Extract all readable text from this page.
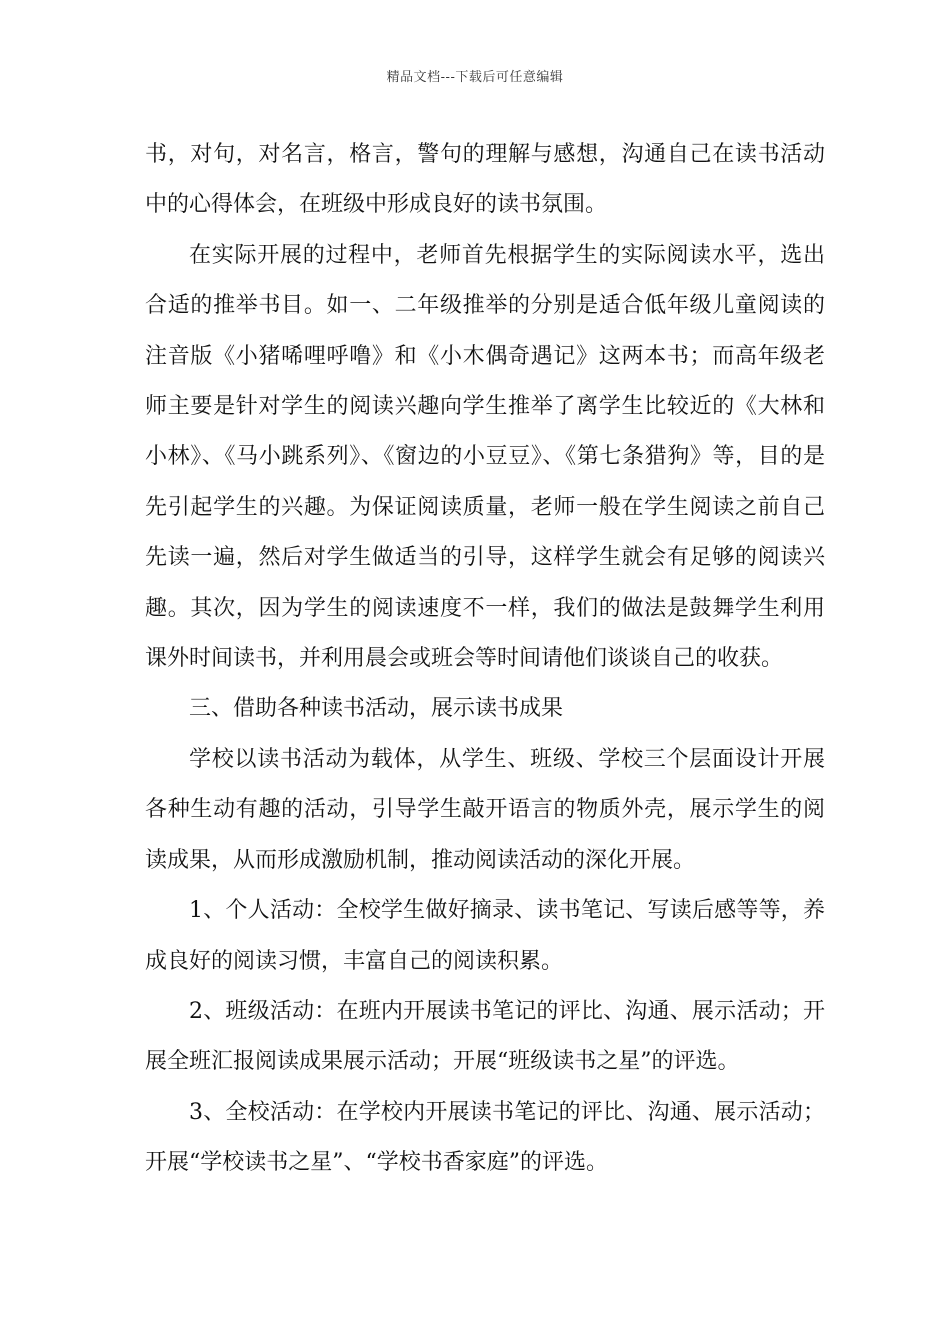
精品文档---下载后可任意编辑

书，对句，对名言，格言，警句的理解与感想，沟通自己在读书活动中的心得体会，在班级中形成良好的读书氛围。

在实际开展的过程中，老师首先根据学生的实际阅读水平，选出合适的推举书目。如一、二年级推举的分别是适合低年级儿童阅读的注音版《小猪唏哩呼噜》和《小木偶奇遇记》这两本书；而高年级老师主要是针对学生的阅读兴趣向学生推举了离学生比较近的《大林和小林》、《马小跳系列》、《窗边的小豆豆》、《第七条猎狗》等，目的是先引起学生的兴趣。为保证阅读质量，老师一般在学生阅读之前自己先读一遍，然后对学生做适当的引导，这样学生就会有足够的阅读兴趣。其次，因为学生的阅读速度不一样，我们的做法是鼓舞学生利用课外时间读书，并利用晨会或班会等时间请他们谈谈自己的收获。

三、借助各种读书活动，展示读书成果

学校以读书活动为载体，从学生、班级、学校三个层面设计开展各种生动有趣的活动，引导学生敲开语言的物质外壳，展示学生的阅读成果，从而形成激励机制，推动阅读活动的深化开展。

1、个人活动：全校学生做好摘录、读书笔记、写读后感等等，养成良好的阅读习惯，丰富自己的阅读积累。

2、班级活动：在班内开展读书笔记的评比、沟通、展示活动；开展全班汇报阅读成果展示活动；开展“班级读书之星”的评选。

3、全校活动：在学校内开展读书笔记的评比、沟通、展示活动；开展“学校读书之星”、“学校书香家庭”的评选。
